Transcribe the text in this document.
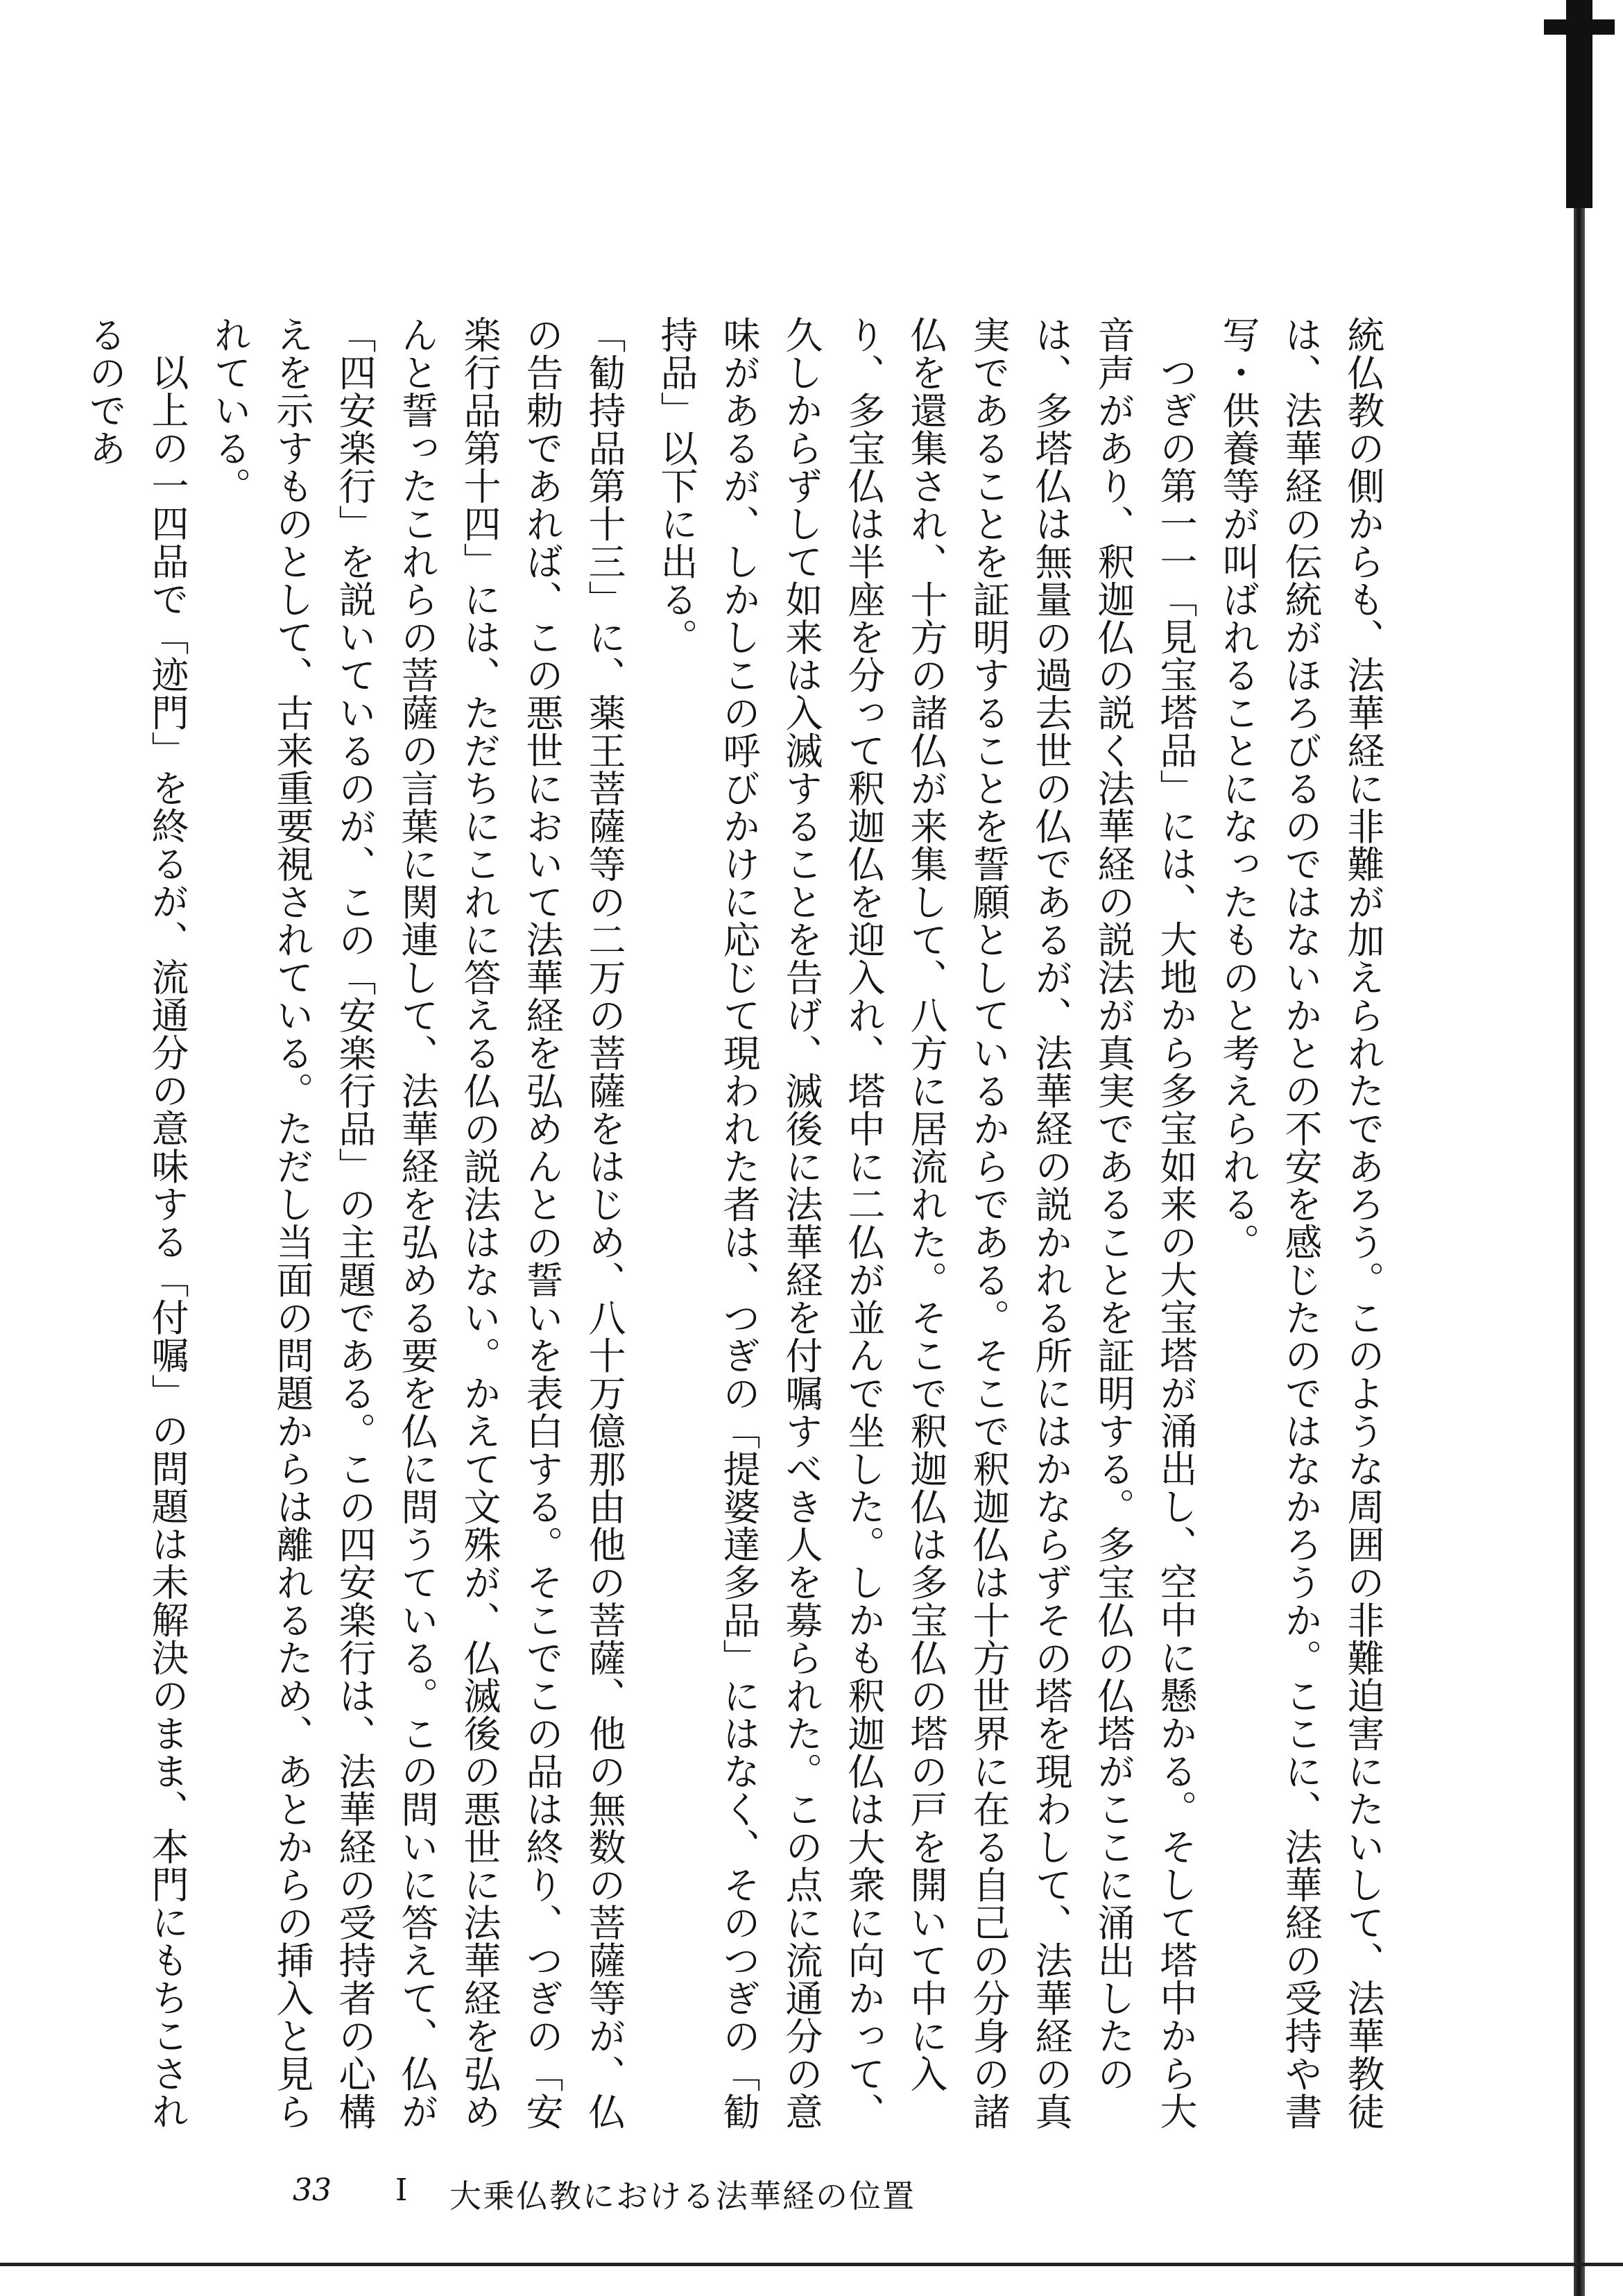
統仏教の側からも、法華経に非難が加えられたであろう。このような周囲の非難迫害にたいして、法華教徒は、法華経の伝統がほろびるのではないかとの不安を感じたのではなかろうか。ここに、法華経の受持や書写・供養等が叫ばれることになったものと考えられる。

つぎの第一一「見宝塔品」には、大地から多宝如来の大宝塔が涌出し、空中に懸かる。そして塔中から大音声があり、釈迦仏の説く法華経の説法が真実であることを証明する。多宝仏の仏塔がここに涌出したのは、多塔仏は無量の過去世の仏であるが、法華経の説かれる所にはかならずその塔を現わして、法華経の真実であることを証明することを誓願としているからである。そこで釈迦仏は十方世界に在る自己の分身の諸仏を還集され、十方の諸仏が来集して、八方に居流れた。そこで釈迦仏は多宝仏の塔の戸を開いて中に入り、多宝仏は半座を分って釈迦仏を迎入れ、塔中に二仏が並んで坐した。しかも釈迦仏は大衆に向かって、久しからずして如来は入滅することを告げ、滅後に法華経を付嘱すべき人を募られた。この点に流通分の意味があるが、しかしこの呼びかけに応じて現われた者は、つぎの「提婆達多品」にはなく、そのつぎの「勧持品」以下に出る。

「勧持品第十三」に、薬王菩薩等の二万の菩薩をはじめ、八十万億那由他の菩薩、他の無数の菩薩等が、仏の告勅であれば、この悪世において法華経を弘めんとの誓いを表白する。そこでこの品は終り、つぎの「安楽行品第十四」には、ただちにこれに答える仏の説法はない。かえて文殊が、仏滅後の悪世に法華経を弘めんと誓ったこれらの菩薩の言葉に関連して、法華経を弘める要を仏に問うている。この問いに答えて、仏が「四安楽行」を説いているのが、この「安楽行品」の主題である。この四安楽行は、法華経の受持者の心構えを示すものとして、古来重要視されている。ただし当面の問題からは離れるため、あとからの挿入と見られている。

以上の一四品で「迹門」を終るが、流通分の意味する「付嘱」の問題は未解決のまま、本門にもちこされるのであ

33 I 大乗仏教における法華経の位置
